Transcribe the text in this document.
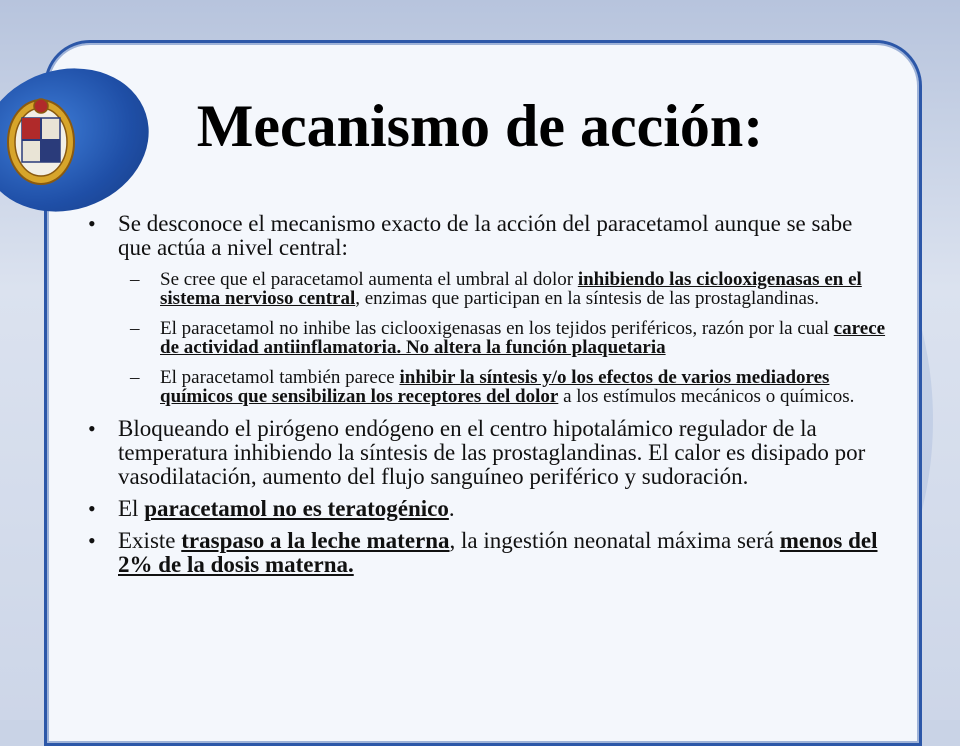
Mecanismo de acción:
• Se desconoce el mecanismo exacto de la acción del paracetamol aunque se sabe que actúa a nivel central:
– Se cree que el paracetamol aumenta el umbral al dolor inhibiendo las ciclooxigenasas en el sistema nervioso central, enzimas que participan en la síntesis de las prostaglandinas.
– El paracetamol no inhibe las ciclooxigenasas en los tejidos periféricos, razón por la cual carece de actividad antiinflamatoria. No altera la función plaquetaria
– El paracetamol también parece inhibir la síntesis y/o los efectos de varios mediadores químicos que sensibilizan los receptores del dolor a los estímulos mecánicos o químicos.
• Bloqueando el pirógeno endógeno en el centro hipotalámico regulador de la temperatura inhibiendo la síntesis de las prostaglandinas. El calor es disipado por vasodilatación, aumento del flujo sanguíneo periférico y sudoración.
• El paracetamol no es teratogénico.
• Existe traspaso a la leche materna, la ingestión neonatal máxima será menos del 2% de la dosis materna.
